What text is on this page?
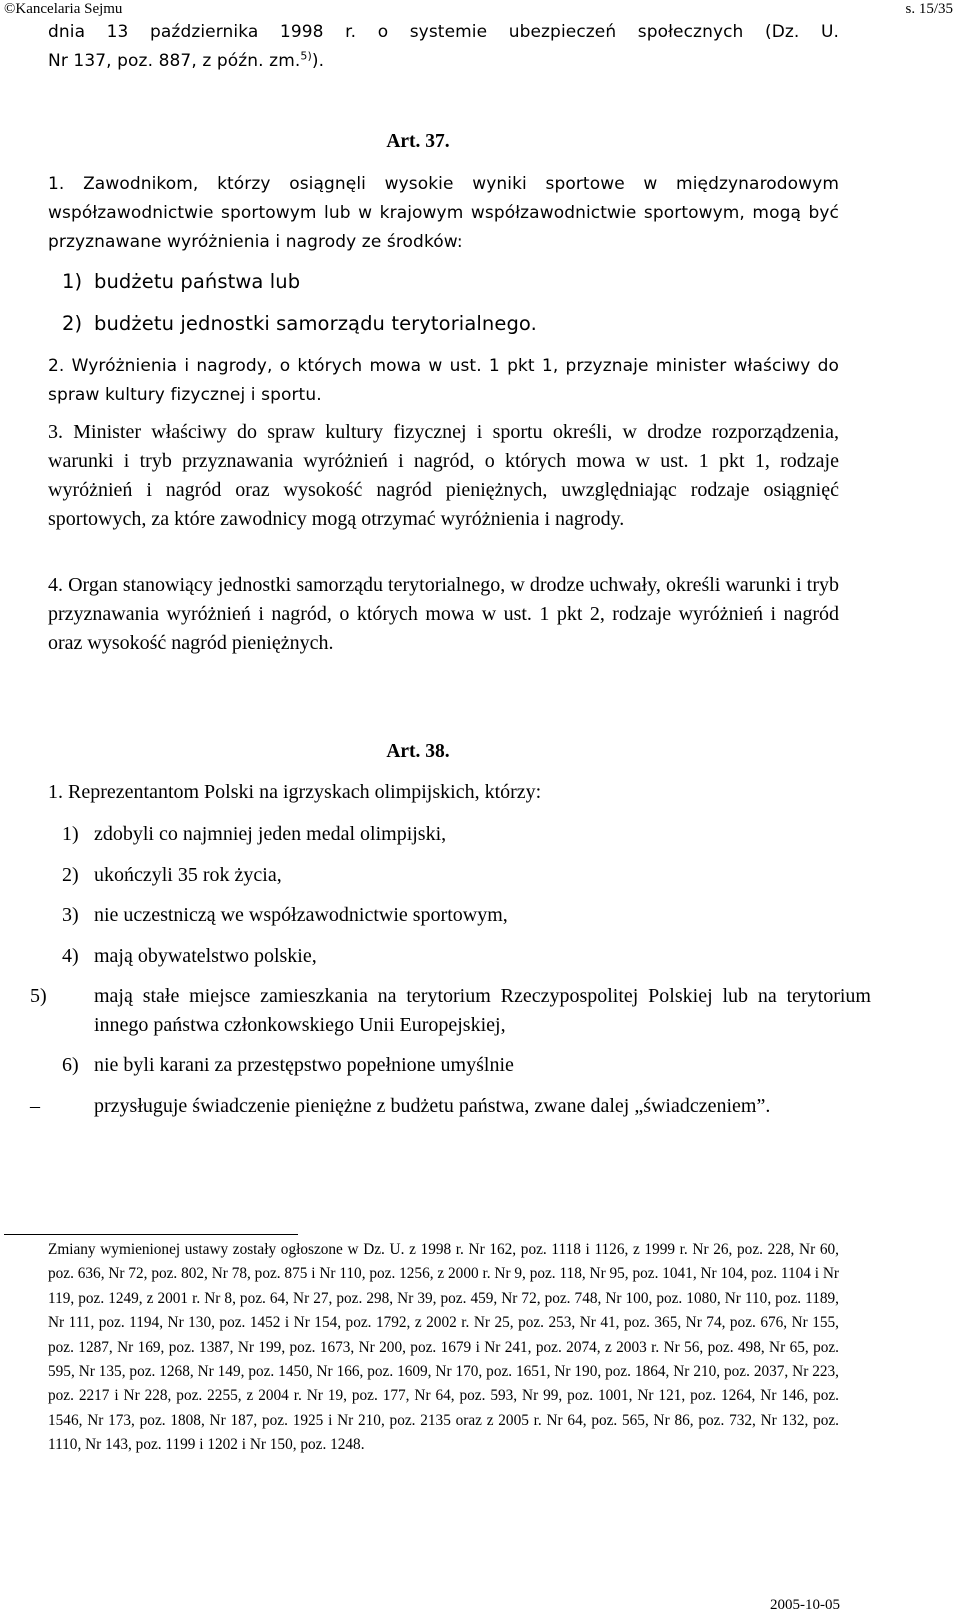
©Kancelaria Sejmu	s. 15/35
dnia 13 października 1998 r. o systemie ubezpieczeń społecznych (Dz. U.
Nr 137, poz. 887, z późn. zm.$^{5)}$).
Art. 37.
1. Zawodnikom, którzy osiągnęli wysokie wyniki sportowe w międzynarodowym współzawodnictwie sportowym lub w krajowym współzawodnictwie sportowym, mogą być przyznawane wyróżnienia i nagrody ze środków:
1) budżetu państwa lub
2) budżetu jednostki samorządu terytorialnego.
2. Wyróżnienia i nagrody, o których mowa w ust. 1 pkt 1, przyznaje minister właściwy do spraw kultury fizycznej i sportu.
3. Minister właściwy do spraw kultury fizycznej i sportu określi, w drodze rozporządzenia, warunki i tryb przyznawania wyróżnień i nagród, o których mowa w ust. 1 pkt 1, rodzaje wyróżnień i nagród oraz wysokość nagród pieniężnych, uwzględniając rodzaje osiągnięć sportowych, za które zawodnicy mogą otrzymać wyróżnienia i nagrody.
4. Organ stanowiący jednostki samorządu terytorialnego, w drodze uchwały, określi warunki i tryb przyznawania wyróżnień i nagród, o których mowa w ust. 1 pkt 2, rodzaje wyróżnień i nagród oraz wysokość nagród pieniężnych.
Art. 38.
1. Reprezentantom Polski na igrzyskach olimpijskich, którzy:
1) zdobyli co najmniej jeden medal olimpijski,
2) ukończyli 35 rok życia,
3) nie uczestniczą we współzawodnictwie sportowym,
4) mają obywatelstwo polskie,
5) mają stałe miejsce zamieszkania na terytorium Rzeczypospolitej Polskiej lub na terytorium innego państwa członkowskiego Unii Europejskiej,
6) nie byli karani za przestępstwo popełnione umyślnie
–	przysługuje świadczenie pieniężne z budżetu państwa, zwane dalej „świadczeniem”.
Zmiany wymienionej ustawy zostały ogłoszone w Dz. U. z 1998 r. Nr 162, poz. 1118 i 1126, z 1999 r. Nr 26, poz. 228, Nr 60, poz. 636, Nr 72, poz. 802, Nr 78, poz. 875 i Nr 110, poz. 1256, z 2000 r. Nr 9, poz. 118, Nr 95, poz. 1041, Nr 104, poz. 1104 i Nr 119, poz. 1249, z 2001 r. Nr 8, poz. 64, Nr 27, poz. 298, Nr 39, poz. 459, Nr 72, poz. 748, Nr 100, poz. 1080, Nr 110, poz. 1189, Nr 111, poz. 1194, Nr 130, poz. 1452 i Nr 154, poz. 1792, z 2002 r. Nr 25, poz. 253, Nr 41, poz. 365, Nr 74, poz. 676, Nr 155, poz. 1287, Nr 169, poz. 1387, Nr 199, poz. 1673, Nr 200, poz. 1679 i Nr 241, poz. 2074, z 2003 r. Nr 56, poz. 498, Nr 65, poz. 595, Nr 135, poz. 1268, Nr 149, poz. 1450, Nr 166, poz. 1609, Nr 170, poz. 1651, Nr 190, poz. 1864, Nr 210, poz. 2037, Nr 223, poz. 2217 i Nr 228, poz. 2255, z 2004 r. Nr 19, poz. 177, Nr 64, poz. 593, Nr 99, poz. 1001, Nr 121, poz. 1264, Nr 146, poz. 1546, Nr 173, poz. 1808, Nr 187, poz. 1925 i Nr 210, poz. 2135 oraz z 2005 r. Nr 64, poz. 565, Nr 86, poz. 732, Nr 132, poz. 1110, Nr 143, poz. 1199 i 1202 i Nr 150, poz. 1248.
2005-10-05
